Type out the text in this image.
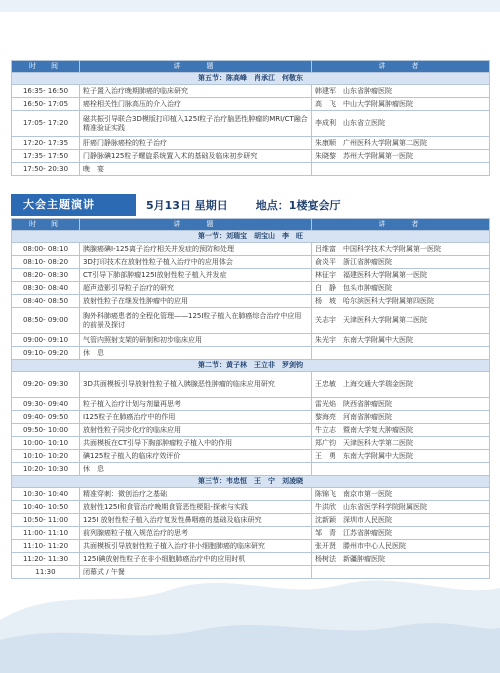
时　间	讲　　题	讲　　者
第五节：陈高峰　肖承江　何敬东		
16:35- 16:50	粒子置入治疗晚期肺癌的临床研究	韩建军　山东省肿瘤医院
16:50- 17:05	癌栓相关性门脉高压的介入治疗	高　飞　中山大学附属肿瘤医院
17:05- 17:20	磁共振引导联合3D模版打印植入125I粒子治疗脑恶性肿瘤的MRI/CT融合精准验证实践	李成利　山东省立医院
17:20- 17:35	肝癌门静脉癌栓的粒子治疗	朱康顺　广州医科大学附属第二医院
17:35- 17:50	门静脉碘125粒子螺旋系统置入术的基础及临床初步研究	朱晓黎　苏州大学附属第一医院
17:50- 20:30	晚　宴	
大会主题演讲	5月13日 星期日	地点：1楼宴会厅
时　间	讲　　题	讲　　者
第一节：刘瑞宝　胡宝山　李　旺		
08:00- 08:10	胰腺癌碘I-125离子治疗相关并发症的预防和处理	吕维富　中国科学技术大学附属第一医院
08:10- 08:20	3D打印技术在放射性粒子植入治疗中的应用体会	俞炎平　浙江省肿瘤医院
08:20- 08:30	CT引导下肺部肿瘤125I放射性粒子植入并发症	林征宇　福建医科大学附属第一医院
08:30- 08:40	超声造影引导粒子治疗的研究	白　静　包头市肿瘤医院
08:40- 08:50	放射性粒子在继发性肿瘤中的应用	杨　坡　哈尔滨医科大学附属第四医院
08:50- 09:00	胸外科肺癌患者的全程化管理——125I粒子植入在肺癌综合治疗中应用的前景及探讨	关志宇　天津医科大学附属第二医院
09:00- 09:10	气管内照射支架的研制和初步临床应用	朱光宇　东南大学附属中大医院
09:10- 09:20	休　息	
第二节：黄子林　王立非　罗剑钧		
09:20- 09:30	3D共面模板引导放射性粒子植入胰腺恶性肿瘤的临床应用研究	王忠敏　上海交通大学瑞金医院
09:30- 09:40	粒子植入治疗计划与剂量再思考	雷光焰　陕西省肿瘤医院
09:40- 09:50	I125粒子在肺癌治疗中的作用	黎海亮　河南省肿瘤医院
09:50- 10:00	放射性粒子同步化疗的临床应用	牛立志　暨南大学复大肿瘤医院
10:00- 10:10	共面模板在CT引导下胸部肿瘤粒子植入中的作用	郑广钧　天津医科大学第二医院
10:10- 10:20	碘125粒子植入的临床疗效评价	王　勇　东南大学附属中大医院
10:20- 10:30	休　息	
第三节：韦忠恒　王　宁　刘凌晓		
10:30- 10:40	精准穿刺：微创治疗之基础	陈锦飞　南京市第一医院
10:40- 10:50	放射性125I和食管治疗晚期食管恶性梗阻-探索与实践	牛洪欣　山东省医学科学院附属医院
10:50- 11:00	125I 放射性粒子植入治疗复发性鼻咽癌的基础及临床研究	沈新颖　深圳市人民医院
11:00- 11:10	前列腺癌粒子植入规范治疗的思考	邹　青　江苏省肿瘤医院
11:10- 11:20	共面模板引导放射性粒子植入治疗非小细胞肺癌的临床研究	张开贤　滕州市中心人民医院
11:20- 11:30	125I碘放射性粒子在非小细胞肺癌治疗中的应用时机	杨树法　新疆肿瘤医院
11:30	闭幕式 / 午餐	
